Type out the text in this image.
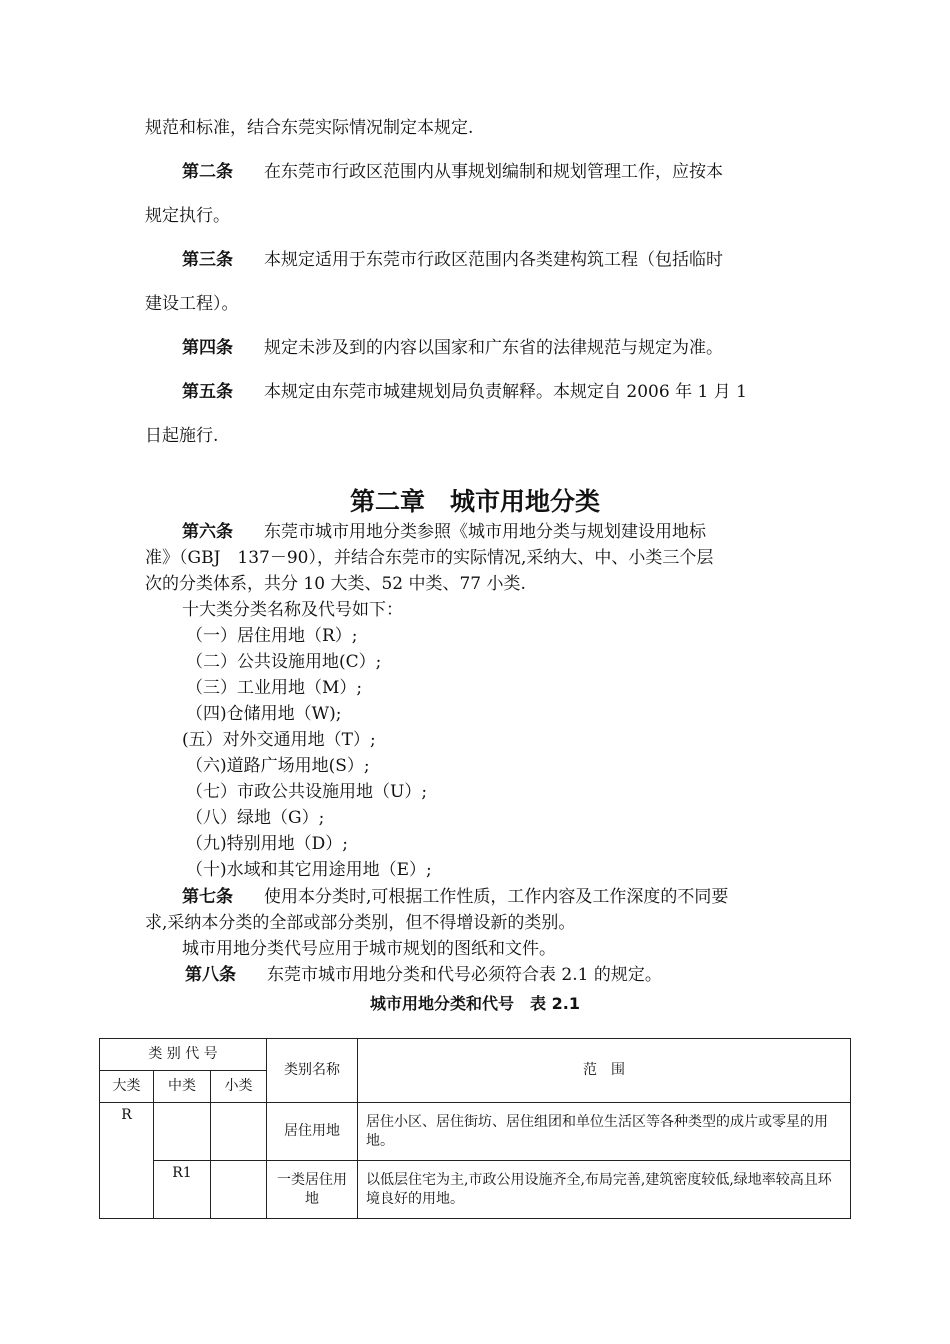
规范和标准，结合东莞实际情况制定本规定.
第二条 在东莞市行政区范围内从事规划编制和规划管理工作，应按本
规定执行。
第三条 本规定适用于东莞市行政区范围内各类建构筑工程（包括临时
建设工程）。
第四条 规定未涉及到的内容以国家和广东省的法律规范与规定为准。
第五条 本规定由东莞市城建规划局负责解释。本规定自 2006 年 1 月 1
日起施行.
第二章　城市用地分类
第六条 东莞市城市用地分类参照《城市用地分类与规划建设用地标
准》（GBJ　137－90），并结合东莞市的实际情况,采纳大、中、小类三个层
次的分类体系，共分 10 大类、52 中类、77 小类.
十大类分类名称及代号如下：
（一）居住用地（R）;
（二）公共设施用地(C）;
（三）工业用地（M）;
（四)仓储用地（W);
(五）对外交通用地（T）;
（六)道路广场用地(S）;
（七）市政公共设施用地（U）;
（八）绿地（G）;
（九)特别用地（D）;
（十)水域和其它用途用地（E）;
第七条 使用本分类时,可根据工作性质，工作内容及工作深度的不同要
求,采纳本分类的全部或部分类别，但不得增设新的类别。
城市用地分类代号应用于城市规划的图纸和文件。
第八条 东莞市城市用地分类和代号必须符合表 2.1 的规定。
城市用地分类和代号　表 2.1
类 别 代 号			类别名称	范　围
大类	中类	小类		
R			居住用地	居住小区、居住街坊、居住组团和单位生活区等各种类型的成片或零星的用地。
	R1		一类居住用地	以低层住宅为主,市政公用设施齐全,布局完善,建筑密度较低,绿地率较高且环境良好的用地。
